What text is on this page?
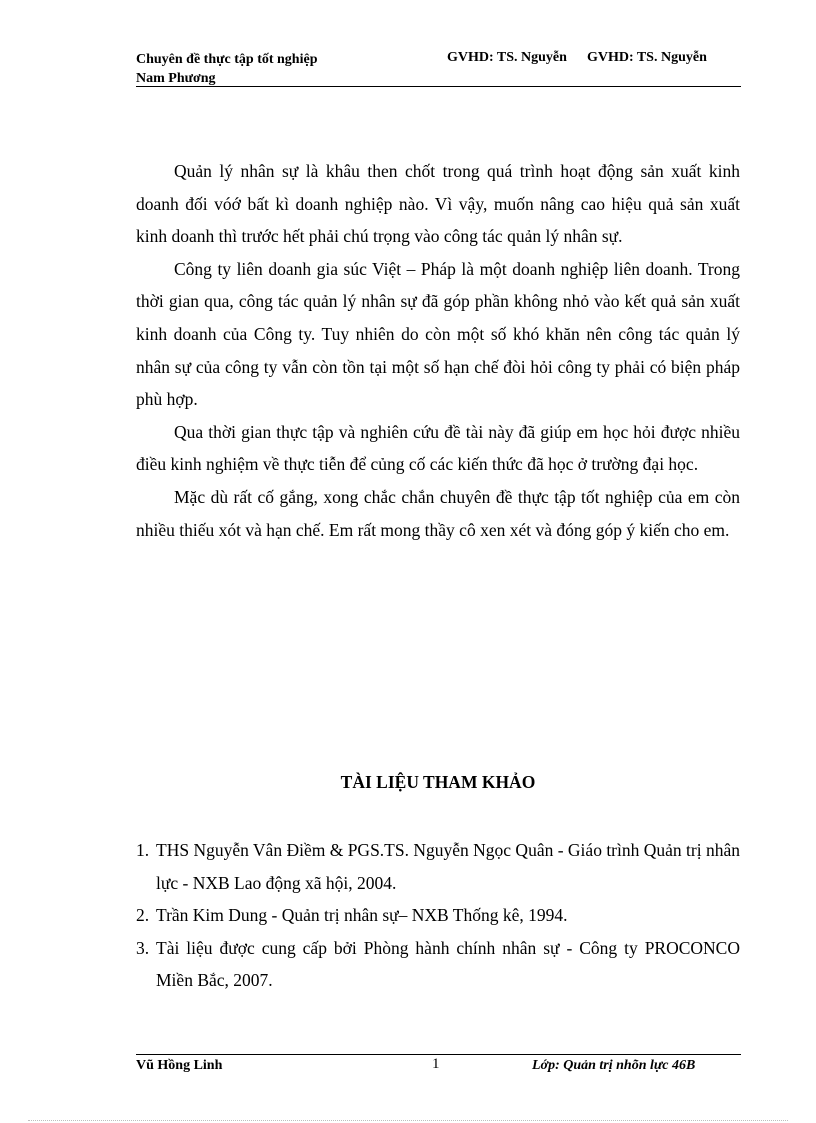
Chuyên đề thực tập tốt nghiệp
Nam Phương
GVHD: TS. Nguyễn GVHD: TS. Nguyễn

Quản lý nhân sự là khâu then chốt trong quá trình hoạt động sản xuất kinh doanh đối vóớ bất kì doanh nghiệp nào. Vì vậy, muốn nâng cao hiệu quả sản xuất kinh doanh thì trước hết phải chú trọng vào công tác quản lý nhân sự.

Công ty liên doanh gia súc Việt – Pháp là một doanh nghiệp liên doanh. Trong thời gian qua, công tác quản lý nhân sự đã góp phần không nhỏ vào kết quả sản xuất kinh doanh của Công ty. Tuy nhiên do còn một số khó khăn nên công tác quản lý nhân sự của công ty vẫn còn tồn tại một số hạn chế đòi hỏi công ty phải có biện pháp phù hợp.

Qua thời gian thực tập và nghiên cứu đề tài này đã giúp em học hỏi được nhiều điều kinh nghiệm về thực tiễn để củng cố các kiến thức đã học ở trường đại học.

Mặc dù rất cố gắng, xong chắc chắn chuyên đề thực tập tốt nghiệp của em còn nhiều thiếu xót và hạn chế. Em rất mong thầy cô xen xét và đóng góp ý kiến cho em.

TÀI LIỆU THAM KHẢO
1. THS Nguyễn Vân Điềm & PGS.TS. Nguyễn Ngọc Quân - Giáo trình Quản trị nhân lực - NXB Lao động xã hội, 2004.
2. Trần Kim Dung - Quản trị nhân sự– NXB Thống kê, 1994.
3. Tài liệu được cung cấp bởi Phòng hành chính nhân sự - Công ty PROCONCO Miền Bắc, 2007.
Vũ Hồng Linh	1	Lớp: Quản trị nhõn lực 46B
